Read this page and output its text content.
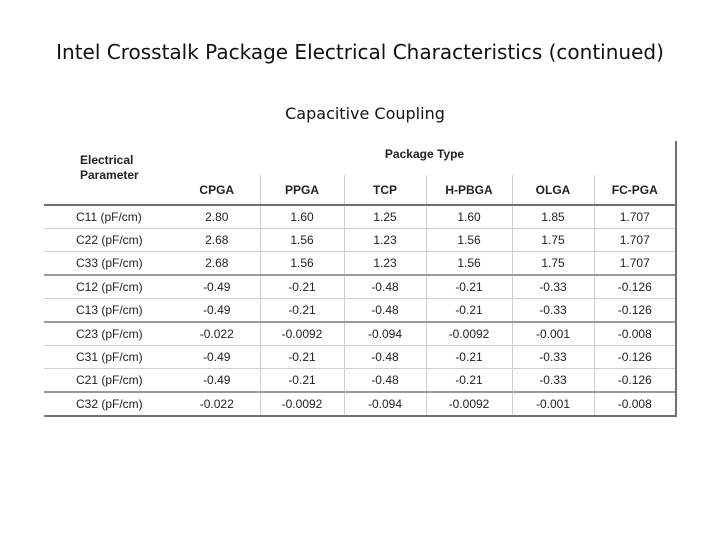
Intel Crosstalk Package Electrical Characteristics (continued)
Capacitive Coupling
Electrical Parameter	Package Type					
	CPGA	PPGA	TCP	H-PBGA	OLGA	FC-PGA
C11 (pF/cm)	2.80	1.60	1.25	1.60	1.85	1.707
C22 (pF/cm)	2.68	1.56	1.23	1.56	1.75	1.707
C33 (pF/cm)	2.68	1.56	1.23	1.56	1.75	1.707
C12 (pF/cm)	-0.49	-0.21	-0.48	-0.21	-0.33	-0.126
C13 (pF/cm)	-0.49	-0.21	-0.48	-0.21	-0.33	-0.126
C23 (pF/cm)	-0.022	-0.0092	-0.094	-0.0092	-0.001	-0.008
C31 (pF/cm)	-0.49	-0.21	-0.48	-0.21	-0.33	-0.126
C21 (pF/cm)	-0.49	-0.21	-0.48	-0.21	-0.33	-0.126
C32 (pF/cm)	-0.022	-0.0092	-0.094	-0.0092	-0.001	-0.008
